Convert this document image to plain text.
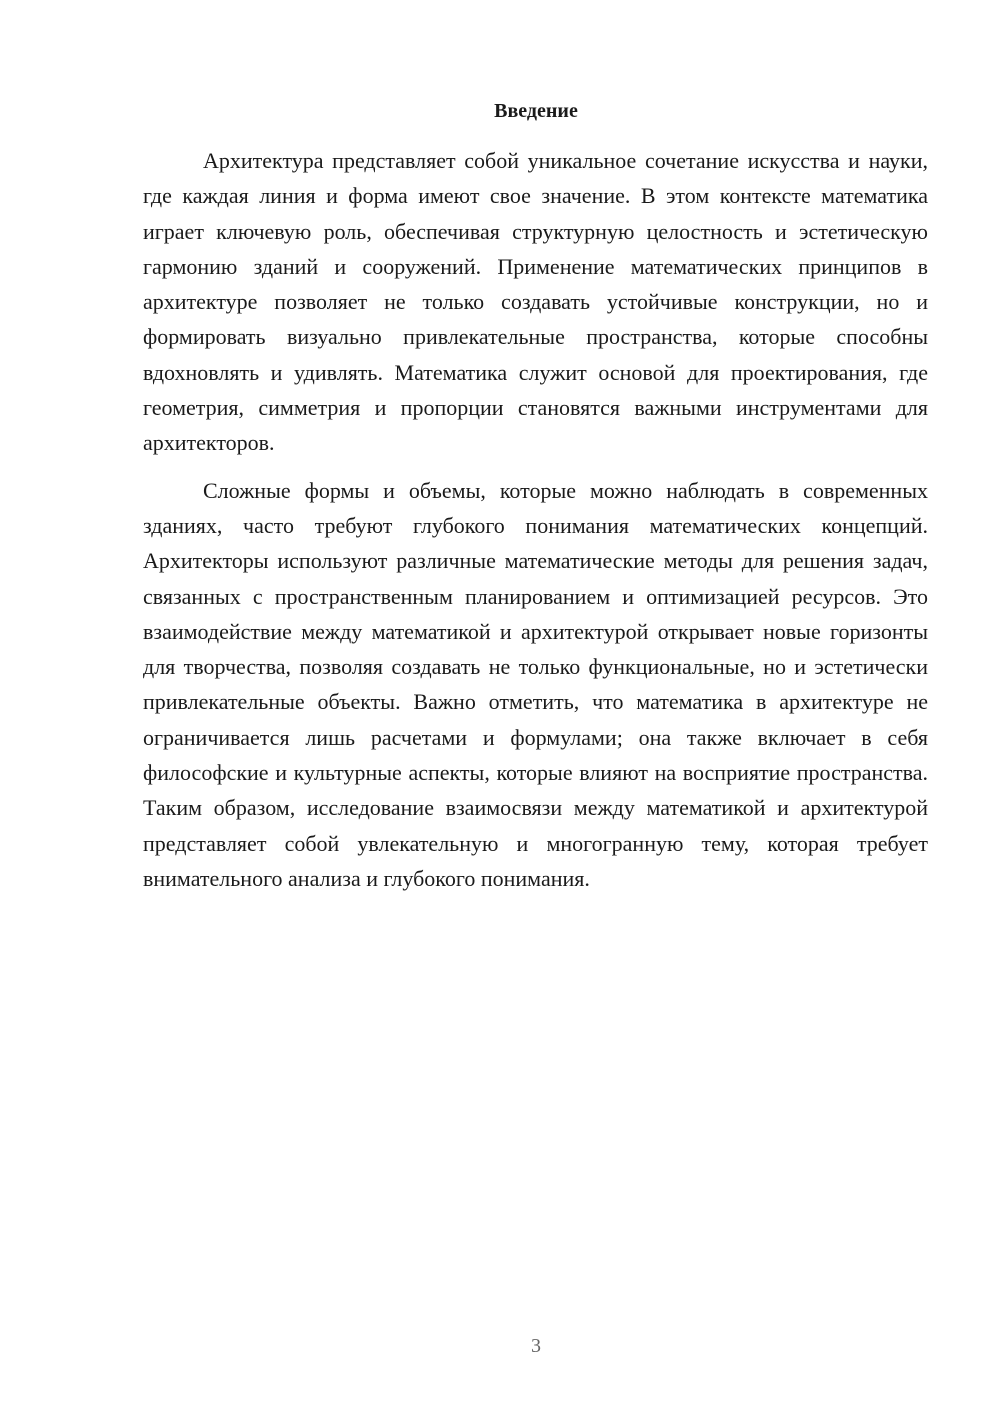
Введение

Архитектура представляет собой уникальное сочетание искусства и науки, где каждая линия и форма имеют свое значение. В этом контексте математика играет ключевую роль, обеспечивая структурную целостность и эстетическую гармонию зданий и сооружений. Применение математических принципов в архитектуре позволяет не только создавать устойчивые конструкции, но и формировать визуально привлекательные пространства, которые способны вдохновлять и удивлять. Математика служит основой для проектирования, где геометрия, симметрия и пропорции становятся важными инструментами для архитекторов.

Сложные формы и объемы, которые можно наблюдать в современных зданиях, часто требуют глубокого понимания математических концепций. Архитекторы используют различные математические методы для решения задач, связанных с пространственным планированием и оптимизацией ресурсов. Это взаимодействие между математикой и архитектурой открывает новые горизонты для творчества, позволяя создавать не только функциональные, но и эстетически привлекательные объекты. Важно отметить, что математика в архитектуре не ограничивается лишь расчетами и формулами; она также включает в себя философские и культурные аспекты, которые влияют на восприятие пространства. Таким образом, исследование взаимосвязи между математикой и архитектурой представляет собой увлекательную и многогранную тему, которая требует внимательного анализа и глубокого понимания.

3
